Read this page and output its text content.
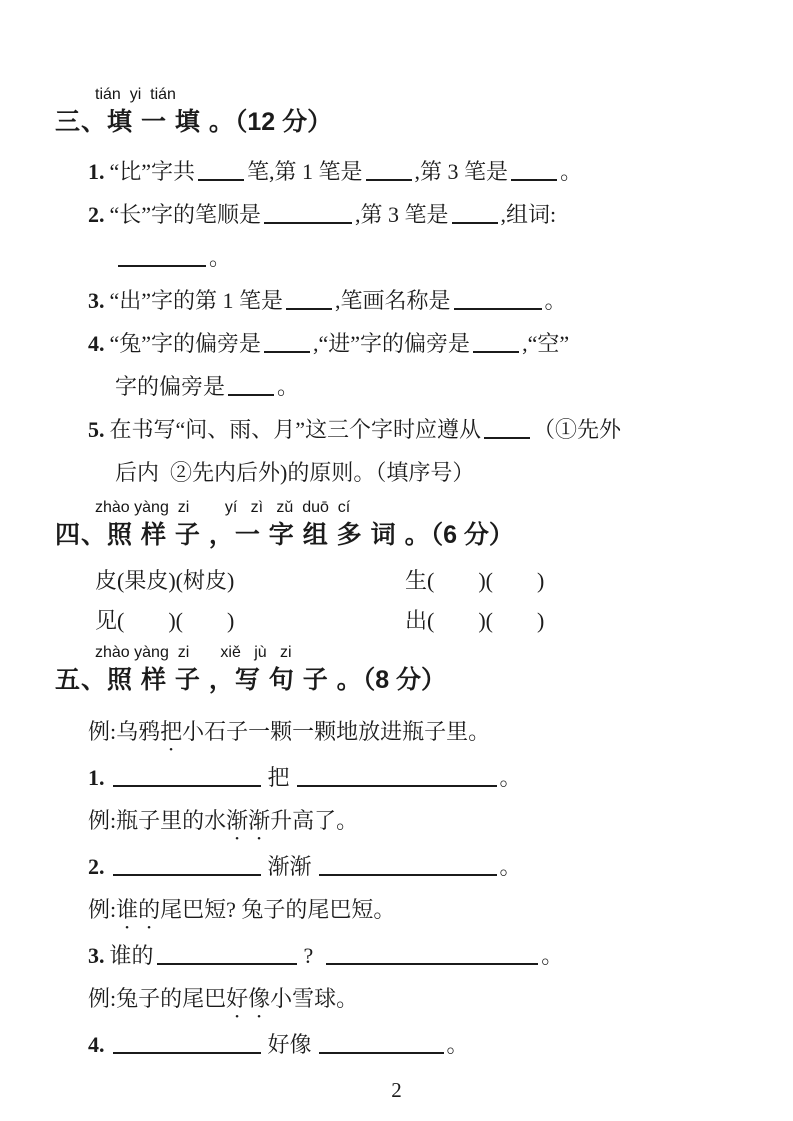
tián  yi  tián
三、填 一 填 。（12 分）
1. “比”字共 笔,第 1 笔是 ,第 3 笔是 。
2. “长”字的笔顺是	,第 3 笔是 ,组词:
。
3. “出”字的第 1 笔是 ,笔画名称是	。
4. “兔”字的偏旁是 ,“进”字的偏旁是 ,“空”
字的偏旁是 。
5. 在书写“问、雨、月”这三个字时应遵从 （①先外
后内  ②先内后外)的原则。（填序号）
zhào yàng  zi        yí   zì   zǔ  duō  cí
四、照 样 子 ，一 字 组 多 词 。（6 分）
皮(果皮)(树皮)	生(        )(        )
见(        )(        )	出(        )(        )
zhào yàng  zi       xiě   jù   zi
五、照 样 子 ，写 句 子 。（8 分）
例:乌鸦把小石子一颗一颗地放进瓶子里。
1.	把	。
例:瓶子里的水渐渐升高了。
2.	渐渐	。
例:谁的尾巴短? 兔子的尾巴短。
3. 谁的	?	。
例:兔子的尾巴好像小雪球。
4.	好像	。
2
